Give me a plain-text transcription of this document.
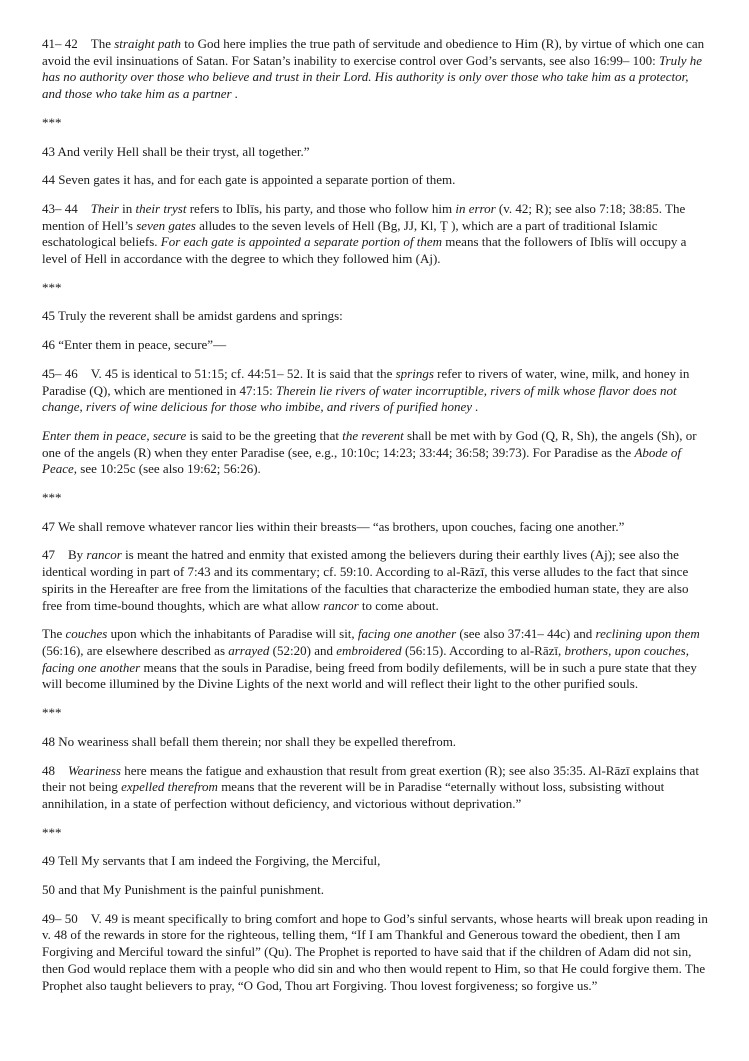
41– 42 The straight path to God here implies the true path of servitude and obedience to Him (R), by virtue of which one can avoid the evil insinuations of Satan. For Satan’s inability to exercise control over God’s servants, see also 16:99– 100: Truly he has no authority over those who believe and trust in their Lord. His authority is only over those who take him as a protector, and those who take him as a partner .

***

43 And verily Hell shall be their tryst, all together.”

44 Seven gates it has, and for each gate is appointed a separate portion of them.

43– 44 Their in their tryst refers to Iblīs, his party, and those who follow him in error (v. 42; R); see also 7:18; 38:85. The mention of Hell’s seven gates alludes to the seven levels of Hell (Bg, JJ, Kl, Ṭ ), which are a part of traditional Islamic eschatological beliefs. For each gate is appointed a separate portion of them means that the followers of Iblīs will occupy a level of Hell in accordance with the degree to which they followed him (Aj).

***

45 Truly the reverent shall be amidst gardens and springs:

46 “Enter them in peace, secure”—

45– 46 V. 45 is identical to 51:15; cf. 44:51– 52. It is said that the springs refer to rivers of water, wine, milk, and honey in Paradise (Q), which are mentioned in 47:15: Therein lie rivers of water incorruptible, rivers of milk whose flavor does not change, rivers of wine delicious for those who imbibe, and rivers of purified honey .

Enter them in peace, secure is said to be the greeting that the reverent shall be met with by God (Q, R, Sh), the angels (Sh), or one of the angels (R) when they enter Paradise (see, e.g., 10:10c; 14:23; 33:44; 36:58; 39:73). For Paradise as the Abode of Peace, see 10:25c (see also 19:62; 56:26).

***

47 We shall remove whatever rancor lies within their breasts— “as brothers, upon couches, facing one another.”

47 By rancor is meant the hatred and enmity that existed among the believers during their earthly lives (Aj); see also the identical wording in part of 7:43 and its commentary; cf. 59:10. According to al-Rāzī, this verse alludes to the fact that since spirits in the Hereafter are free from the limitations of the faculties that characterize the embodied human state, they are also free from time-bound thoughts, which are what allow rancor to come about.

The couches upon which the inhabitants of Paradise will sit, facing one another (see also 37:41– 44c) and reclining upon them (56:16), are elsewhere described as arrayed (52:20) and embroidered (56:15). According to al-Rāzī, brothers, upon couches, facing one another means that the souls in Paradise, being freed from bodily defilements, will be in such a pure state that they will become illumined by the Divine Lights of the next world and will reflect their light to the other purified souls.

***

48 No weariness shall befall them therein; nor shall they be expelled therefrom.

48 Weariness here means the fatigue and exhaustion that result from great exertion (R); see also 35:35. Al-Rāzī explains that their not being expelled therefrom means that the reverent will be in Paradise “eternally without loss, subsisting without annihilation, in a state of perfection without deficiency, and victorious without deprivation.”

***

49 Tell My servants that I am indeed the Forgiving, the Merciful,

50 and that My Punishment is the painful punishment.

49– 50 V. 49 is meant specifically to bring comfort and hope to God’s sinful servants, whose hearts will break upon reading in v. 48 of the rewards in store for the righteous, telling them, “If I am Thankful and Generous toward the obedient, then I am Forgiving and Merciful toward the sinful” (Qu). The Prophet is reported to have said that if the children of Adam did not sin, then God would replace them with a people who did sin and who then would repent to Him, so that He could forgive them. The Prophet also taught believers to pray, “O God, Thou art Forgiving. Thou lovest forgiveness; so forgive us.”
